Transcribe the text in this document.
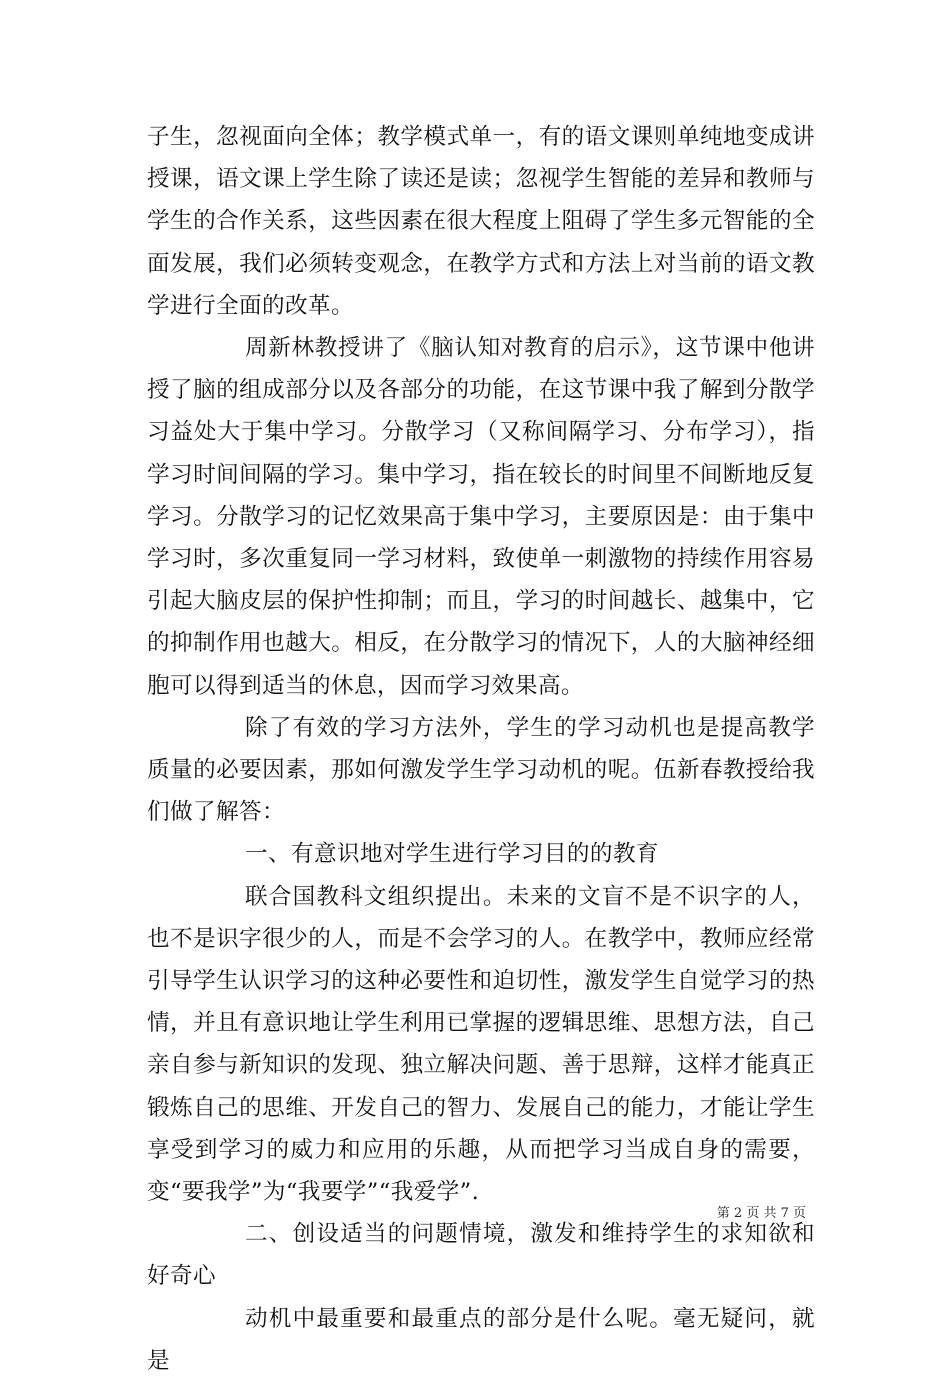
子生，忽视面向全体；教学模式单一，有的语文课则单纯地变成讲授课，语文课上学生除了读还是读；忽视学生智能的差异和教师与学生的合作关系，这些因素在很大程度上阻碍了学生多元智能的全面发展，我们必须转变观念，在教学方式和方法上对当前的语文教学进行全面的改革。

周新林教授讲了《脑认知对教育的启示》，这节课中他讲授了脑的组成部分以及各部分的功能，在这节课中我了解到分散学习益处大于集中学习。分散学习（又称间隔学习、分布学习），指学习时间间隔的学习。集中学习，指在较长的时间里不间断地反复学习。分散学习的记忆效果高于集中学习，主要原因是：由于集中学习时，多次重复同一学习材料，致使单一刺激物的持续作用容易引起大脑皮层的保护性抑制；而且，学习的时间越长、越集中，它的抑制作用也越大。相反，在分散学习的情况下，人的大脑神经细胞可以得到适当的休息，因而学习效果高。

除了有效的学习方法外，学生的学习动机也是提高教学质量的必要因素，那如何激发学生学习动机的呢。伍新春教授给我们做了解答：

一、有意识地对学生进行学习目的的教育

联合国教科文组织提出。未来的文盲不是不识字的人，也不是识字很少的人，而是不会学习的人。在教学中，教师应经常引导学生认识学习的这种必要性和迫切性，激发学生自觉学习的热情，并且有意识地让学生利用已掌握的逻辑思维、思想方法，自己亲自参与新知识的发现、独立解决问题、善于思辩，这样才能真正锻炼自己的思维、开发自己的智力、发展自己的能力，才能让学生享受到学习的威力和应用的乐趣，从而把学习当成自身的需要，变“要我学”为“我要学”“我爱学”.

二、创设适当的问题情境，激发和维持学生的求知欲和好奇心

动机中最重要和最重点的部分是什么呢。毫无疑问，就是

第 2 页 共 7 页
